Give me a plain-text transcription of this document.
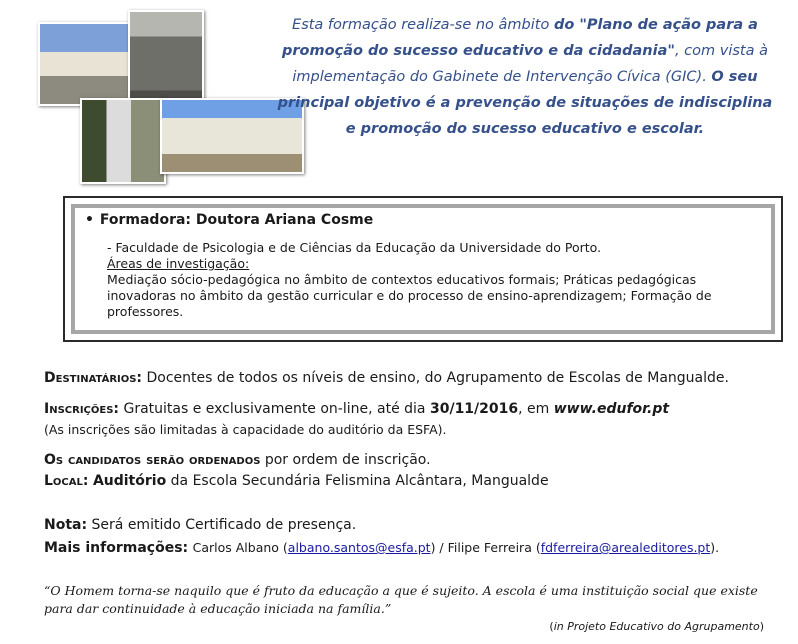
Esta formação realiza-se no âmbito do "Plano de ação para a promoção do sucesso educativo e da cidadania", com vista à implementação do Gabinete de Intervenção Cívica (GIC). O seu principal objetivo é a prevenção de situações de indisciplina e promoção do sucesso educativo e escolar.

• Formadora: Doutora Ariana Cosme

- Faculdade de Psicologia e de Ciências da Educação da Universidade do Porto.
Áreas de investigação:
Mediação sócio-pedagógica no âmbito de contextos educativos formais; Práticas pedagógicas inovadoras no âmbito da gestão curricular e do processo de ensino-aprendizagem; Formação de professores.
Destinatários: Docentes de todos os níveis de ensino, do Agrupamento de Escolas de Mangualde.
Inscrições: Gratuitas e exclusivamente on-line, até dia 30/11/2016, em www.edufor.pt
(As inscrições são limitadas à capacidade do auditório da ESFA).
Os candidatos serão ordenados por ordem de inscrição.
Local: Auditório da Escola Secundária Felismina Alcântara, Mangualde
Nota: Será emitido Certificado de presença.
Mais informações: Carlos Albano (albano.santos@esfa.pt) / Filipe Ferreira (fdferreira@arealeditores.pt).
“O Homem torna-se naquilo que é fruto da educação a que é sujeito. A escola é uma instituição social que existe para dar continuidade à educação iniciada na família.”
(in Projeto Educativo do Agrupamento)
